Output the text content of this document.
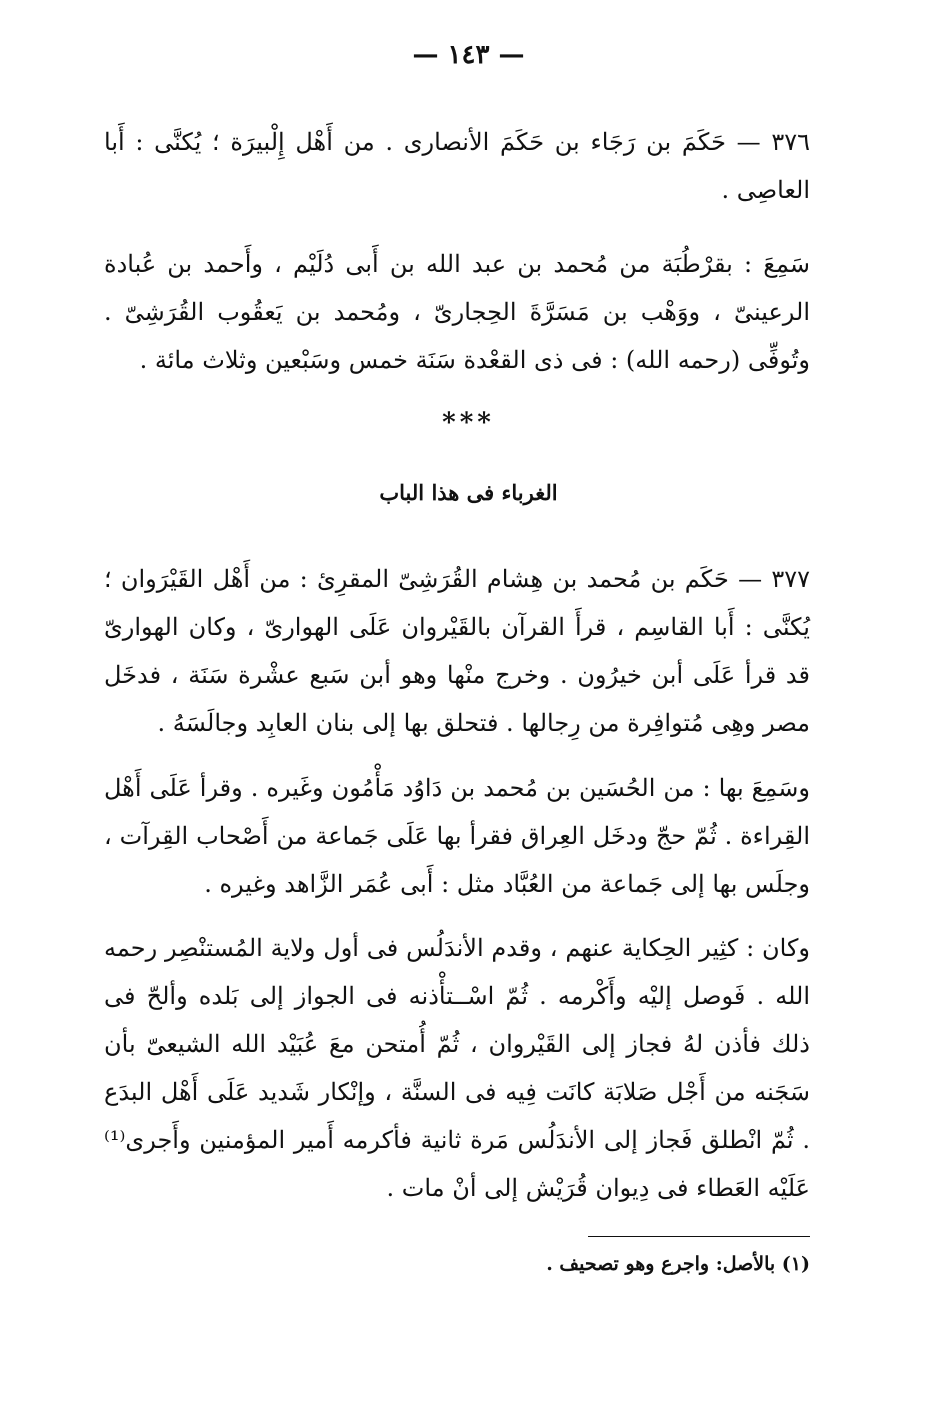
— ١٤٣ —
٣٧٦ — حَكَمَ بن رَجَاء بن حَكَمَ الأنصارى . من أَهْل إِلْبيرَة ؛ يُكنَّى : أَبا العاصِى .
سَمِعَ : بقرْطُبَة من مُحمد بن عبد الله بن أَبى دُلَيْم ، وأَحمد بن عُبادة الرعينىّ ، ووَهْب بن مَسَرَّةَ الحِجارىّ ، ومُحمد بن يَعقُوب القُرَشِىّ . وتُوفِّى (رحمه الله) : فى ذى القعْدة سَنَة خمس وسَبْعين وثلاث مائة .
***
الغرباء فى هذا الباب
٣٧٧ — حَكَم بن مُحمد بن هِشام القُرَشِىّ المقرِئ : من أَهْل القَيْرَوان ؛ يُكنَّى : أَبا القاسِم ، قرأَ القرآن بالقَيْروان عَلَى الهوارىّ ، وكان الهوارىّ قد قرأ عَلَى أبن خيرُون . وخرج منْها وهو أبن سَبع عشْرة سَنَة ، فدخَل مصر وهِى مُتوافِرة من رِجالها . فتحلق بها إلى بنان العابِد وجالَسَهُ .
وسَمِعَ بها : من الحُسَين بن مُحمد بن دَاوُد مَأْمُون وغَيره . وقرأ عَلَى أَهْل القِراءة . ثُمّ حجّ ودخَل العِراق فقرأ بها عَلَى جَماعة من أَصْحاب القِرآت ، وجلَس بها إلى جَماعة من العُبَّاد مثل : أَبى عُمَر الزَّاهد وغيره .
وكان : كثِير الحِكاية عنهم ، وقدم الأندَلُس فى أول ولاية المُستنْصِر رحمه الله . فَوصل إليْه وأَكْرمه . ثُمّ اسْــتأْذنه فى الجواز إلى بَلده وألحّ فى ذلك فأذن لهُ فجاز إلى القَيْروان ، ثُمّ أُمتحن معَ عُبَيْد الله الشيعىّ بأن سَجَنه من أَجْل صَلابَة كانَت فِيه فى السنَّة ، وإنْكار شَديد عَلَى أَهْل البدَع . ثُمّ انْطلق فَجاز إلى الأندَلُس مَرة ثانية فأكرمه أَمير المؤمنين وأَجرى⁽¹⁾ عَلَيْه العَطاء فى دِيوان قُرَيْش إلى أنْ مات .
(١) بالأصل: واجرع وهو تصحيف .
